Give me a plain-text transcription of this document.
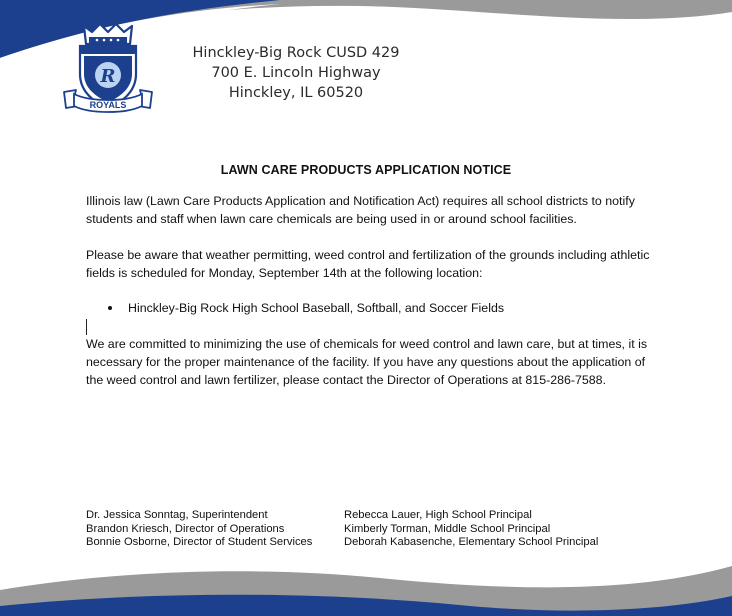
R
ROYALS
Hinckley-Big Rock CUSD 429
700 E. Lincoln Highway
Hinckley, IL 60520
LAWN CARE PRODUCTS APPLICATION NOTICE

Illinois law (Lawn Care Products Application and Notification Act) requires all school districts to notify students and staff when lawn care chemicals are being used in or around school facilities.

Please be aware that weather permitting, weed control and fertilization of the grounds including athletic fields is scheduled for Monday, September 14th at the following location:

Hinckley-Big Rock High School Baseball, Softball, and Soccer Fields

We are committed to minimizing the use of chemicals for weed control and lawn care, but at times, it is necessary for the proper maintenance of the facility. If you have any questions about the application of the weed control and lawn fertilizer, please contact the Director of Operations at 815-286-7588.

Dr. Jessica Sonntag, Superintendent	Rebecca Lauer, High School Principal
Brandon Kriesch, Director of Operations	Kimberly Torman, Middle School Principal
Bonnie Osborne, Director of Student Services	Deborah Kabasenche, Elementary School Principal
